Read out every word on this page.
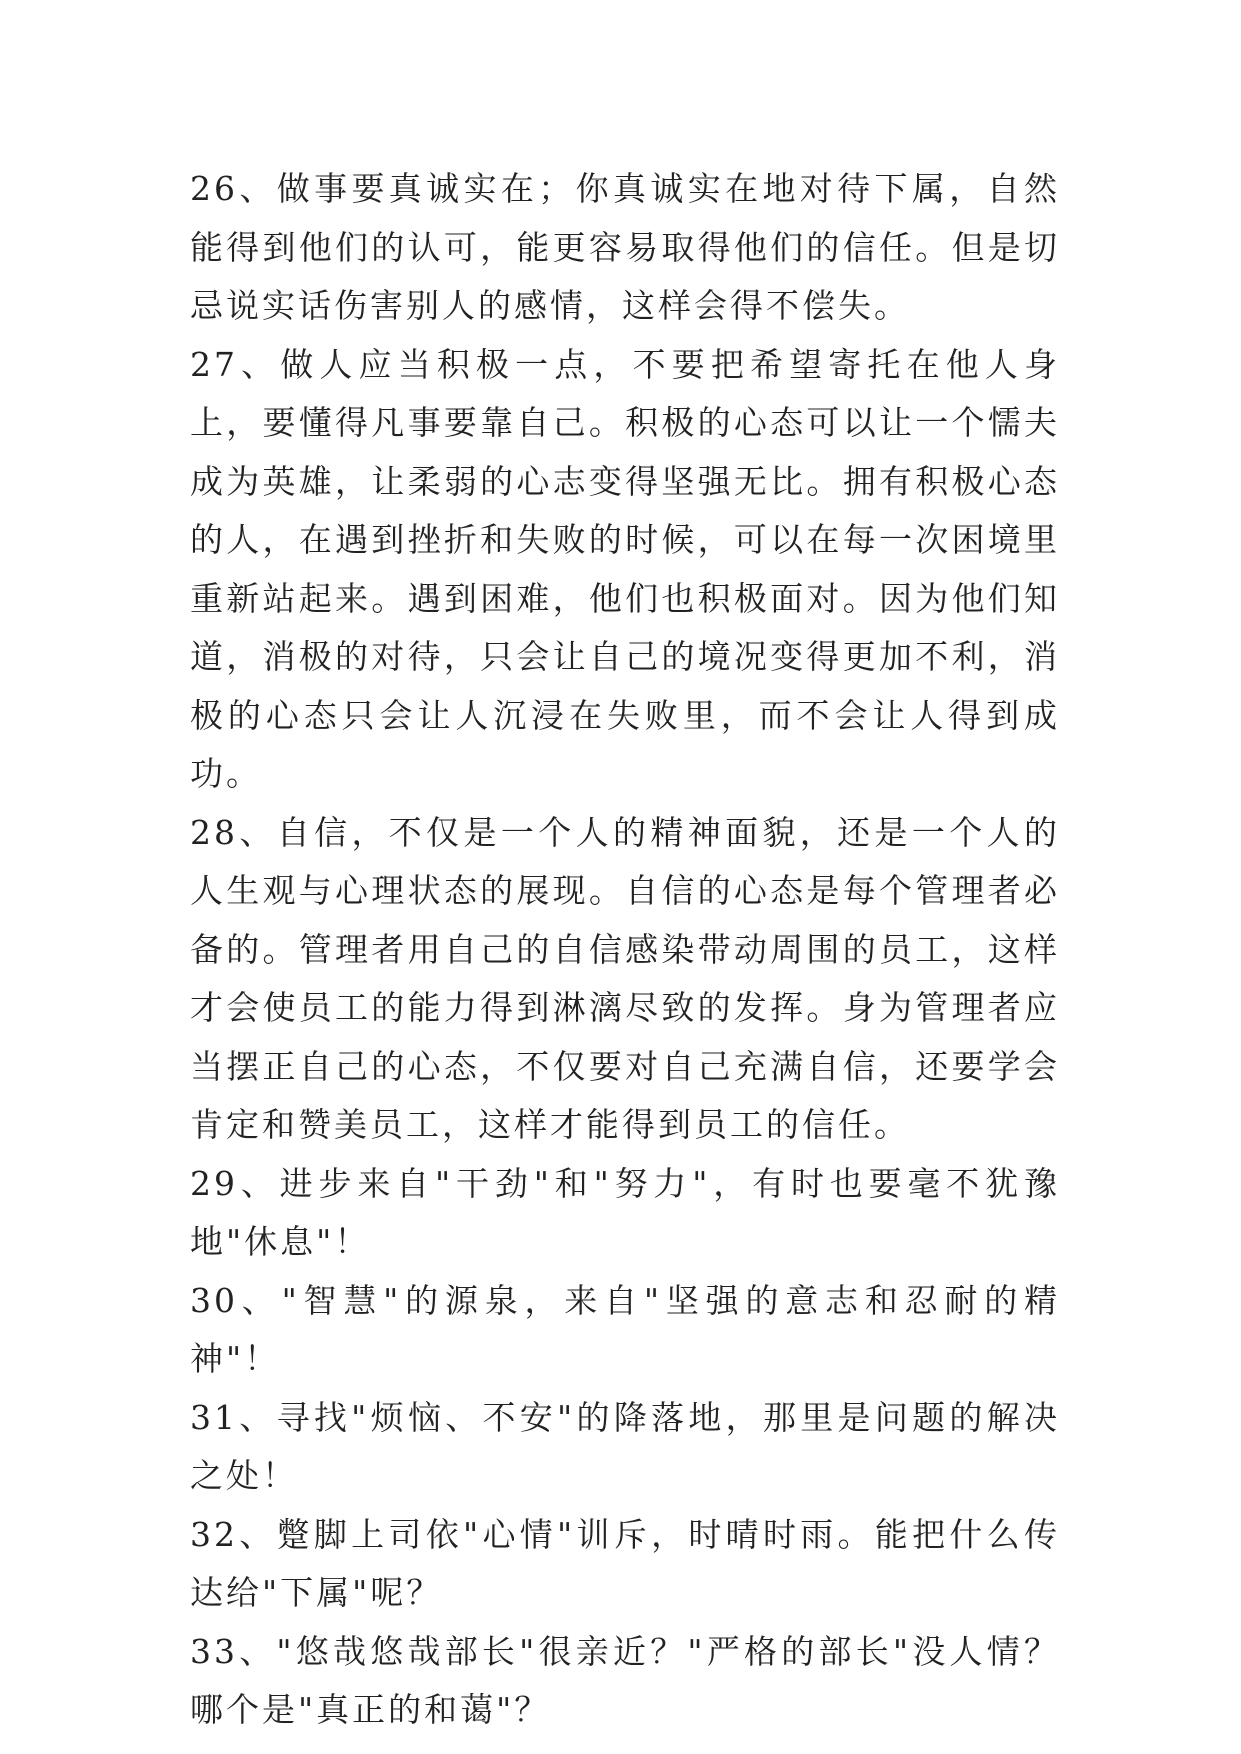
26、做事要真诚实在；你真诚实在地对待下属，自然能得到他们的认可，能更容易取得他们的信任。但是切忌说实话伤害别人的感情，这样会得不偿失。

27、做人应当积极一点，不要把希望寄托在他人身上，要懂得凡事要靠自己。积极的心态可以让一个懦夫成为英雄，让柔弱的心志变得坚强无比。拥有积极心态的人，在遇到挫折和失败的时候，可以在每一次困境里重新站起来。遇到困难，他们也积极面对。因为他们知道，消极的对待，只会让自己的境况变得更加不利，消极的心态只会让人沉浸在失败里，而不会让人得到成功。

28、自信，不仅是一个人的精神面貌，还是一个人的人生观与心理状态的展现。自信的心态是每个管理者必备的。管理者用自己的自信感染带动周围的员工，这样才会使员工的能力得到淋漓尽致的发挥。身为管理者应当摆正自己的心态，不仅要对自己充满自信，还要学会肯定和赞美员工，这样才能得到员工的信任。

29、进步来自"干劲"和"努力"，有时也要毫不犹豫地"休息"！

30、"智慧"的源泉，来自"坚强的意志和忍耐的精神"！

31、寻找"烦恼、不安"的降落地，那里是问题的解决之处！

32、蹩脚上司依"心情"训斥，时晴时雨。能把什么传达给"下属"呢？

33、"悠哉悠哉部长"很亲近？"严格的部长"没人情？哪个是"真正的和蔼"？
